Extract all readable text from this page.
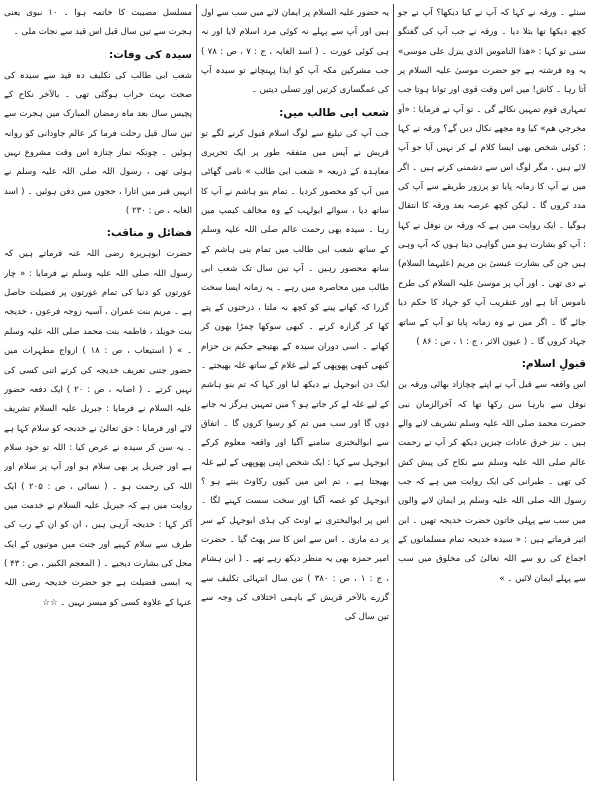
سنئے ۔ ورقہ نے کہا کہ آپ نے کیا دیکھا؟ آپ نے جو کچھ دیکھا تھا بتلا دیا ۔ ورقہ نے جب آپ کی گفتگو سنی تو کہا : «هذا الناموس الذي ينزل على موسى» یہ وہ فرشتہ ہے جو حضرت موسیٰ علیہ السلام پر آتا رہا ۔ کاش! میں اس وقت قوی اور توانا ہوتا جب تمہاری قوم تمہیں نکالے گی ۔ تو آپ نے فرمایا : «أو مخرجي هم» کیا وہ مجھے نکال دیں گے؟ ورقہ نے کہا : کوئی شخص بھی ایسا کلام لے کر نہیں آیا جو آپ لائے ہیں ، مگر لوگ اس سے دشمنی کرتے ہیں ۔ اگر میں نے آپ کا زمانہ پایا تو پرزور طریقے سے آپ کی مدد کروں گا ۔ لیکن کچھ عرصہ بعد ورقہ کا انتقال ہوگیا ۔ ایک روایت میں ہے کہ ورقہ بن نوفل نے کہا : آپ کو بشارت ہو میں گواہی دیتا ہوں کہ آپ وہی ہیں جن کی بشارت عیسیٰ بن مریم (علیہما السلام) نے دی تھی ۔ اور آپ پر موسیٰ علیہ السلام کی طرح ناموس آتا ہے اور عنقریب آپ کو جہاد کا حکم دیا جائے گا ۔ اگر میں نے وہ زمانہ پایا تو آپ کے ساتھ جہاد کروں گا ۔ ( عیون الاثر ، ج : ۱ ، ص : ۸۶ )

قبولِ اسلام:

اس واقعہ سے قبل آپ نے اپنے چچازاد بھائی ورقہ بن نوفل سے بارہا سن رکھا تھا کہ آخرالزمان نبی حضرت محمد صلی اللہ علیہ وسلم تشریف لانے والے ہیں ۔ نیز خرق عادات چیزیں دیکھ کر آپ نے رحمت عالم صلی اللہ علیہ وسلم سے نکاح کی پیش کش کی تھی ۔ طبرانی کی ایک روایت میں ہے کہ جب رسول اللہ صلی اللہ علیہ وسلم پر ایمان لانے والوں میں سب سے پہلی خاتون حضرت خدیجہ تھیں ۔ ابن اثیر فرماتے ہیں : « سیدہ خدیجہ تمام مسلمانوں کے اجماع کی رو سے اللہ تعالیٰ کی مخلوق میں سب سے پہلے ایمان لائیں ۔ »

یہ حضور علیہ السلام پر ایمان لانے میں سب سے اول ہیں اور آپ سے پہلے نہ کوئی مرد اسلام لایا اور نہ ہی کوئی عورت ۔ ( اسد الغابہ ، ج : ۷ ، ص : ۷۸ ) جب مشرکین مکہ آپ کو ایذا پہنچاتے تو سیدہ آپ کی غمگساری کرتیں اور تسلی دیتیں ۔

شعب ابی طالب میں:

جب آپ کی تبلیغ سے لوگ اسلام قبول کرنے لگے تو قریش نے آپس میں متفقہ طور پر ایک تحریری معاہدہ کے ذریعہ « شعب ابی طالب » نامی گھاٹی میں آپ کو محصور کردیا ۔ تمام بنو ہاشم نے آپ کا ساتھ دیا ، سوائے ابولہب کے وہ مخالف کیمپ میں رہا ۔ سیدہ بھی رحمت عالم صلی اللہ علیہ وسلم کے ساتھ شعب ابی طالب میں تمام بنی ہاشم کے ساتھ محصور رہیں ۔ آپ تین سال تک شعب ابی طالب میں محاصرہ میں رہے ۔ یہ زمانہ ایسا سخت گزرا کہ کھانے پینے کو کچھ نہ ملتا ، درختوں کے پتے کھا کر گزارہ کرتے ۔ کبھی سوکھا چمڑا بھون کر کھاتے ۔ اسی دوران سیدہ کے بھتیجے حکیم بن حزام کبھی کبھی پھوپھی کے لیے غلام کے ساتھ غلہ بھیجتے ۔ ایک دن ابوجہل نے دیکھ لیا اور کہا کہ تم بنو ہاشم کے لیے غلہ لے کر جاتے ہو ؟ میں تمہیں ہرگز نہ جانے دوں گا اور سب میں تم کو رسوا کروں گا ۔ اتفاق سے ابوالبختری سامنے آگیا اور واقعہ معلوم کرکے ابوجہل سے کہا : ایک شخص اپنی پھوپھی کے لیے غلہ بھیجتا ہے ، تم اس میں کیوں رکاوٹ بنتے ہو ؟ ابوجہل کو غصہ آگیا اور سخت سست کہنے لگا ۔ اس پر ابوالبختری نے اونٹ کی ہڈی ابوجہل کے سر پر دے ماری ۔ اس سے اس کا سر پھٹ گیا ۔ حضرت امیر حمزہ بھی یہ منظر دیکھ رہے تھے ۔ ( ابن ہشام ، ج : ۱ ، ص : ۳۸۰ ) تین سال انتہائی تکلیف سے گزرے بالآخر قریش کے باہمی اختلاف کی وجہ سے تین سال کی

مسلسل مصیبت کا خاتمہ ہوا ۔ ۱۰ نبوی یعنی ہجرت سے تین سال قبل اس قید سے نجات ملی ۔

سیدہ کی وفات:

شعب ابی طالب کی تکلیف دہ قید سے سیدہ کی صحت بہت خراب ہوگئی تھی ۔ بالآخر نکاح کے پچیس سال بعد ماہ رمضان المبارک میں ہجرت سے تین سال قبل رحلت فرما کر عالم جاودانی کو روانہ ہوئیں ۔ چونکہ نماز جنازہ اس وقت مشروع نہیں ہوئی تھی ، رسول اللہ صلی اللہ علیہ وسلم نے انہیں قبر میں اتارا ، حجون میں دفن ہوئیں ۔ ( اسد الغابہ ، ص : ۲۳۰ )

فضائل و مناقب:

حضرت ابوہریرہ رضی اللہ عنہ فرماتے ہیں کہ رسول اللہ صلی اللہ علیہ وسلم نے فرمایا : « چار عورتوں کو دنیا کی تمام عورتوں پر فضیلت حاصل ہے ۔ مریم بنت عمران ، آسیہ زوجہ فرعون ، خدیجہ بنت خویلد ، فاطمہ بنت محمد صلی اللہ علیہ وسلم ۔ » ( استیعاب ، ص : ۱۸ ) ازواج مطہرات میں حضور جتنی تعریف خدیجہ کی کرتے اتنی کسی کی نہیں کرتے ۔ ( اصابہ ، ص : ۲۰ ) ایک دفعہ حضور علیہ السلام نے فرمایا : جبریل علیہ السلام تشریف لائے اور فرمایا : حق تعالیٰ نے خدیجہ کو سلام کہا ہے ۔ یہ سن کر سیدہ نے عرض کیا : اللہ تو خود سلام ہے اور جبریل پر بھی سلام ہو اور آپ پر سلام اور اللہ کی رحمت ہو ۔ ( نسائی ، ص : ۲۰۵ ) ایک روایت میں ہے کہ جبریل علیہ السلام نے خدمت میں آکر کہا : خدیجہ آرہی ہیں ، ان کو ان کے رب کی طرف سے سلام کہیے اور جنت میں موتیوں کے ایک محل کی بشارت دیجیے ۔ ( المعجم الکبیر ، ص : ۴۳ ) یہ ایسی فضیلت ہے جو حضرت خدیجہ رضی اللہ عنہا کے علاوہ کسی کو میسر نہیں ۔ ☆☆
